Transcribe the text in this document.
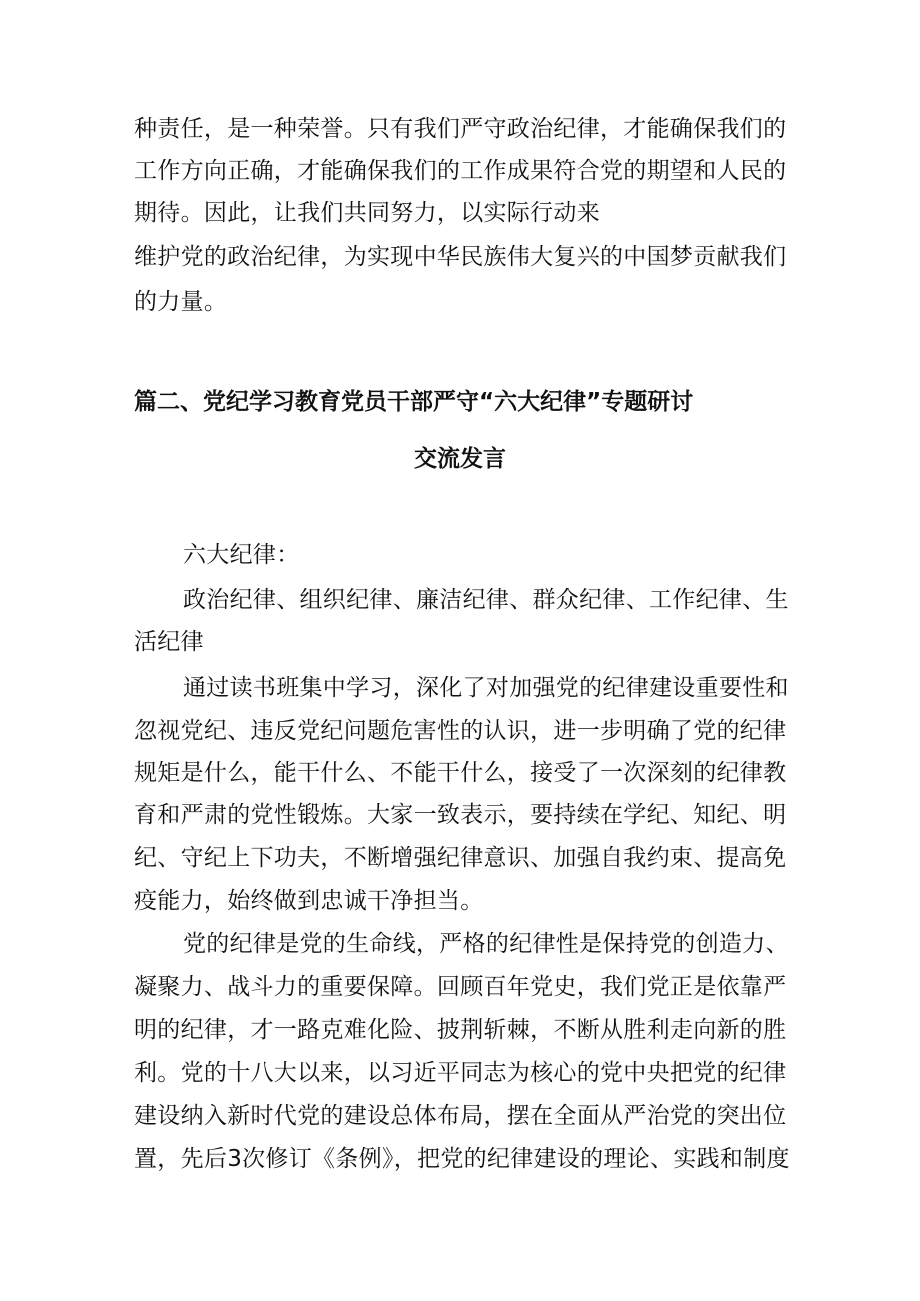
种责任，是一种荣誉。只有我们严守政治纪律，才能确保我们的
工作方向正确，才能确保我们的工作成果符合党的期望和人民的
期待。因此，让我们共同努力，以实际行动来
维护党的政治纪律，为实现中华民族伟大复兴的中国梦贡献我们
的力量。
篇二、党纪学习教育党员干部严守“六大纪律”专题研讨
交流发言
六大纪律：
政治纪律、组织纪律、廉洁纪律、群众纪律、工作纪律、生
活纪律
通过读书班集中学习，深化了对加强党的纪律建设重要性和
忽视党纪、违反党纪问题危害性的认识，进一步明确了党的纪律
规矩是什么，能干什么、不能干什么，接受了一次深刻的纪律教
育和严肃的党性锻炼。大家一致表示，要持续在学纪、知纪、明
纪、守纪上下功夫，不断增强纪律意识、加强自我约束、提高免
疫能力，始终做到忠诚干净担当。
党的纪律是党的生命线，严格的纪律性是保持党的创造力、
凝聚力、战斗力的重要保障。回顾百年党史，我们党正是依靠严
明的纪律，才一路克难化险、披荆斩棘，不断从胜利走向新的胜
利。党的十八大以来，以习近平同志为核心的党中央把党的纪律
建设纳入新时代党的建设总体布局，摆在全面从严治党的突出位
置，先后3次修订《条例》，把党的纪律建设的理论、实践和制度
